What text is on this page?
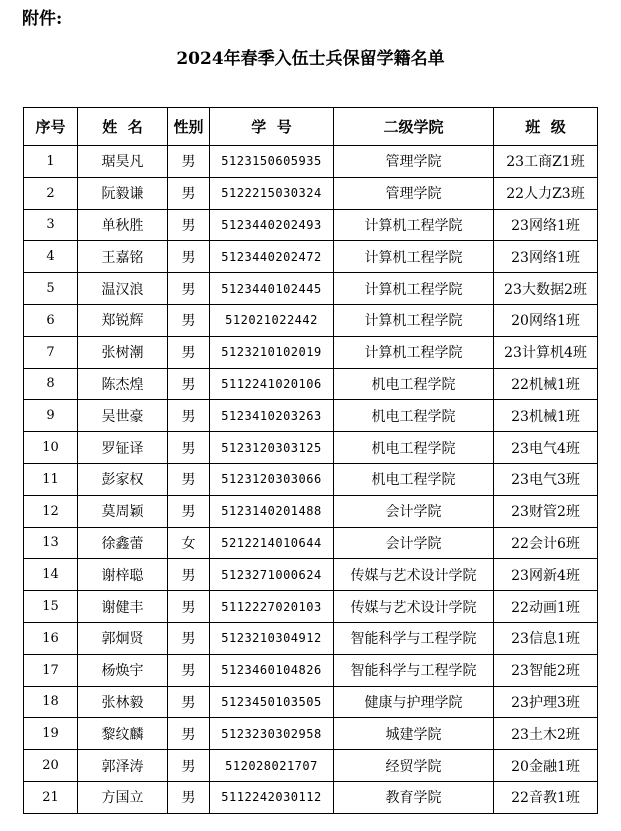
附件:
2024年春季入伍士兵保留学籍名单
序号	姓  名	性别	学  号	二级学院	班  级
1	琚昊凡	男	5123150605935	管理学院	23工商Z1班
2	阮毅谦	男	5122215030324	管理学院	22人力Z3班
3	单秋胜	男	5123440202493	计算机工程学院	23网络1班
4	王嘉铭	男	5123440202472	计算机工程学院	23网络1班
5	温汉浪	男	5123440102445	计算机工程学院	23大数据2班
6	郑锐辉	男	512021022442	计算机工程学院	20网络1班
7	张树潮	男	5123210102019	计算机工程学院	23计算机4班
8	陈杰煌	男	5112241020106	机电工程学院	22机械1班
9	吴世豪	男	5123410203263	机电工程学院	23机械1班
10	罗钲译	男	5123120303125	机电工程学院	23电气4班
11	彭家权	男	5123120303066	机电工程学院	23电气3班
12	莫周颖	男	5123140201488	会计学院	23财管2班
13	徐鑫蕾	女	5212214010644	会计学院	22会计6班
14	谢梓聪	男	5123271000624	传媒与艺术设计学院	23网新4班
15	谢健丰	男	5112227020103	传媒与艺术设计学院	22动画1班
16	郭炯贤	男	5123210304912	智能科学与工程学院	23信息1班
17	杨焕宇	男	5123460104826	智能科学与工程学院	23智能2班
18	张林毅	男	5123450103505	健康与护理学院	23护理3班
19	黎纹麟	男	5123230302958	城建学院	23土木2班
20	郭泽涛	男	512028021707	经贸学院	20金融1班
21	方国立	男	5112242030112	教育学院	22音教1班
